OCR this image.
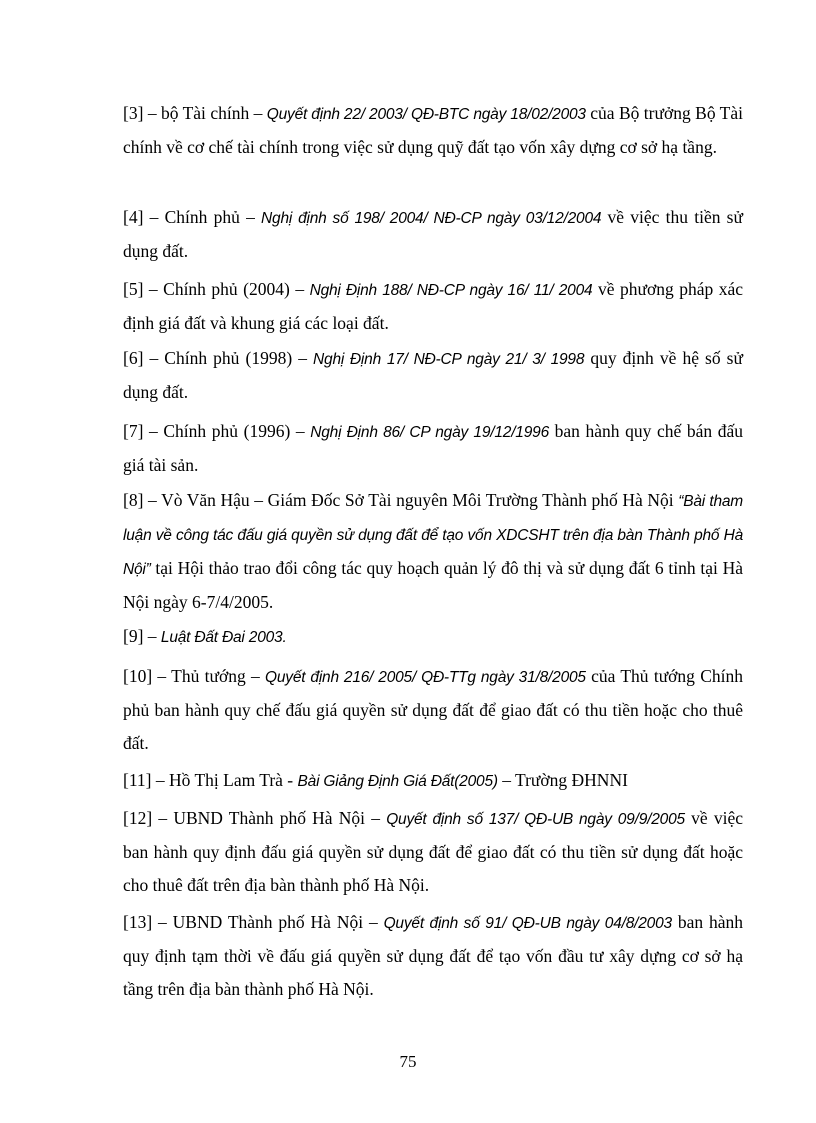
[3] – bộ Tài chính – Quyết định 22/ 2003/ QĐ-BTC ngày 18/02/2003 của Bộ trưởng Bộ Tài chính về cơ chế tài chính trong việc sử dụng quỹ đất tạo vốn xây dựng cơ sở hạ tầng.

[4] – Chính phủ – Nghị định số 198/ 2004/ NĐ-CP ngày 03/12/2004 về việc thu tiền sử dụng đất.

[5] – Chính phủ (2004) – Nghị Định 188/ NĐ-CP ngày 16/ 11/ 2004 về phương pháp xác định giá đất và khung giá các loại đất.

[6] – Chính phủ (1998) – Nghị Định 17/ NĐ-CP ngày 21/ 3/ 1998 quy định về hệ số sử dụng đất.

[7] – Chính phủ (1996) – Nghị Định 86/ CP ngày 19/12/1996 ban hành quy chế bán đấu giá tài sản.

[8] – Vò Văn Hậu – Giám Đốc Sở Tài nguyên Môi Trường Thành phố Hà Nội “Bài tham luận về công tác đấu giá quyền sử dụng đất để tạo vốn XDCSHT trên địa bàn Thành phố Hà Nội” tại Hội thảo trao đổi công tác quy hoạch quản lý đô thị và sử dụng đất 6 tỉnh tại Hà Nội ngày 6-7/4/2005.

[9] – Luật Đất Đai 2003.

[10] – Thủ tướng – Quyết định 216/ 2005/ QĐ-TTg ngày 31/8/2005 của Thủ tướng Chính phủ ban hành quy chế đấu giá quyền sử dụng đất để giao đất có thu tiền hoặc cho thuê đất.

[11] – Hồ Thị Lam Trà - Bài Giảng Định Giá Đất(2005) – Trường ĐHNNI

[12] – UBND Thành phố Hà Nội – Quyết định số 137/ QĐ-UB ngày 09/9/2005 về việc ban hành quy định đấu giá quyền sử dụng đất để giao đất có thu tiền sử dụng đất hoặc cho thuê đất trên địa bàn thành phố Hà Nội.

[13] – UBND Thành phố Hà Nội – Quyết định số 91/ QĐ-UB ngày 04/8/2003 ban hành quy định tạm thời về đấu giá quyền sử dụng đất để tạo vốn đầu tư xây dựng cơ sở hạ tầng trên địa bàn thành phố Hà Nội.

75
